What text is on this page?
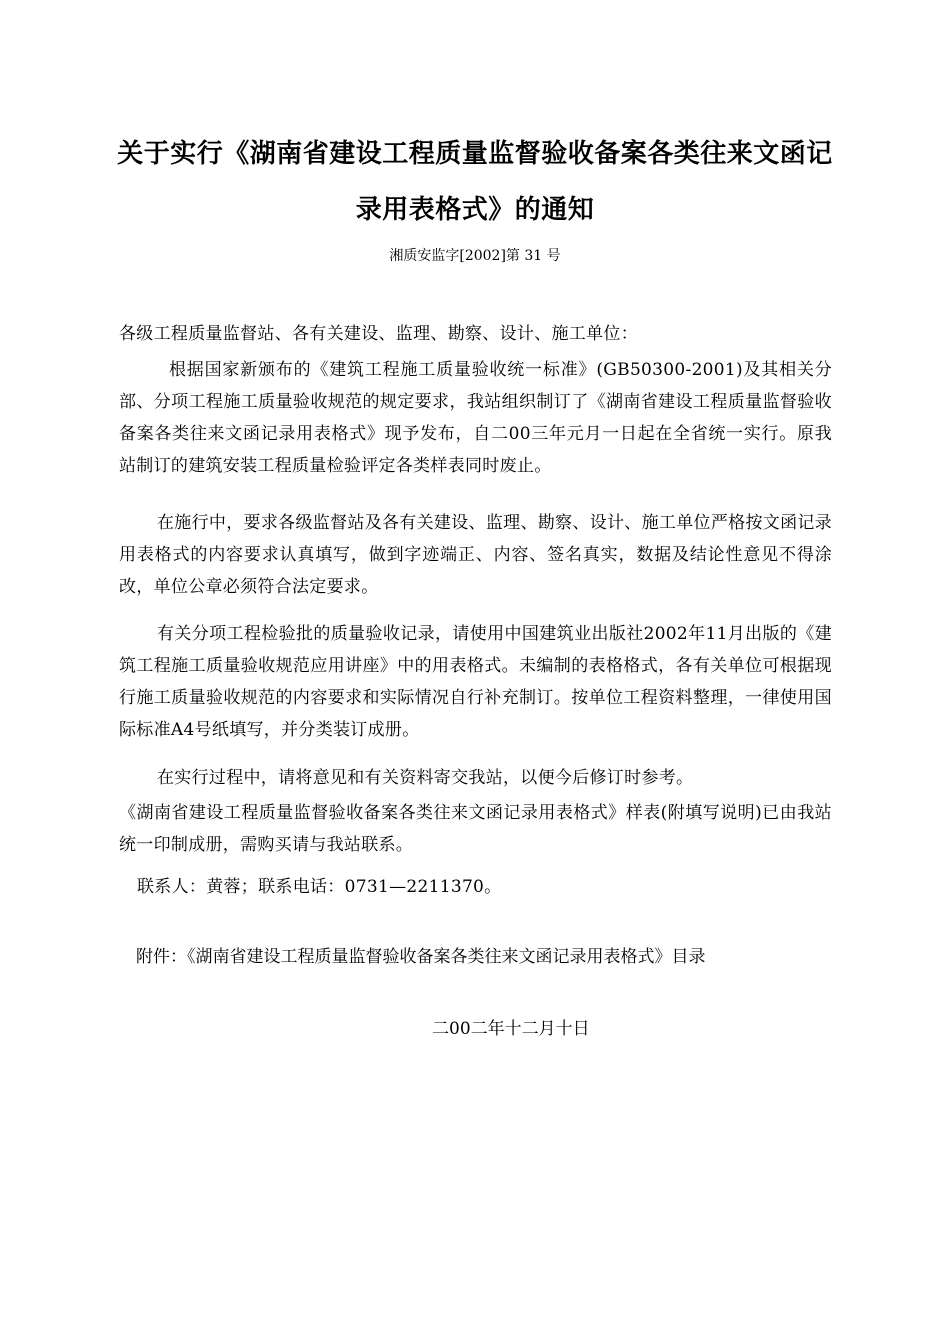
关于实行《湖南省建设工程质量监督验收备案各类往来文函记
录用表格式》的通知
湘质安监字[2002]第 31 号

各级工程质量监督站、各有关建设、监理、勘察、设计、施工单位：

根据国家新颁布的《建筑工程施工质量验收统一标准》(GB50300-2001)及其相关分部、分项工程施工质量验收规范的规定要求，我站组织制订了《湖南省建设工程质量监督验收备案各类往来文函记录用表格式》现予发布，自二00三年元月一日起在全省统一实行。原我站制订的建筑安装工程质量检验评定各类样表同时废止。

在施行中，要求各级监督站及各有关建设、监理、勘察、设计、施工单位严格按文函记录用表格式的内容要求认真填写，做到字迹端正、内容、签名真实，数据及结论性意见不得涂改，单位公章必须符合法定要求。

有关分项工程检验批的质量验收记录，请使用中国建筑业出版社2002年11月出版的《建筑工程施工质量验收规范应用讲座》中的用表格式。未编制的表格格式，各有关单位可根据现行施工质量验收规范的内容要求和实际情况自行补充制订。按单位工程资料整理，一律使用国际标准A4号纸填写，并分类装订成册。

在实行过程中，请将意见和有关资料寄交我站，以便今后修订时参考。

《湖南省建设工程质量监督验收备案各类往来文函记录用表格式》样表(附填写说明)已由我站统一印制成册，需购买请与我站联系。

联系人：黄蓉；联系电话：0731—2211370。

附件：《湖南省建设工程质量监督验收备案各类往来文函记录用表格式》目录
二00二年十二月十日
